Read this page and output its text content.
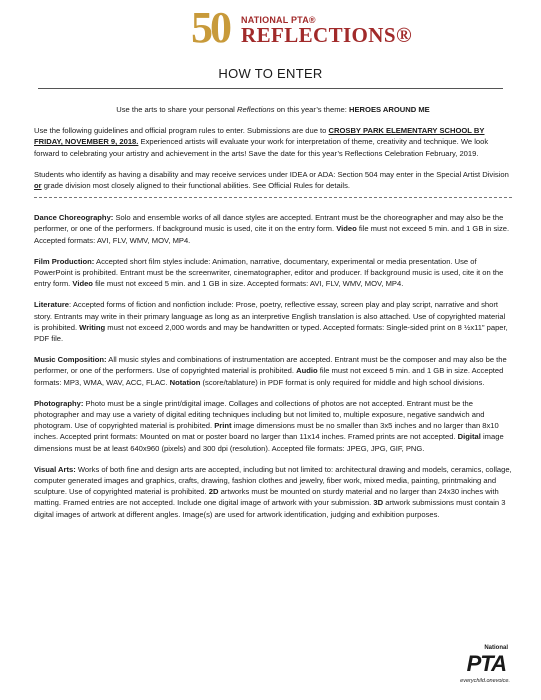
50 NATIONAL PTA®
REFLECTIONS®
HOW TO ENTER

Use the arts to share your personal Reflections on this year’s theme: HEROES AROUND ME

Use the following guidelines and official program rules to enter. Submissions are due to CROSBY PARK ELEMENTARY SCHOOL BY FRIDAY, NOVEMBER 9, 2018. Experienced artists will evaluate your work for interpretation of theme, creativity and technique. We look forward to celebrating your artistry and achievement in the arts! Save the date for this year’s Reflections Celebration February, 2019.

Students who identify as having a disability and may receive services under IDEA or ADA: Section 504 may enter in the Special Artist Division or grade division most closely aligned to their functional abilities. See Official Rules for details.

Dance Choreography: Solo and ensemble works of all dance styles are accepted. Entrant must be the choreographer and may also be the performer, or one of the performers. If background music is used, cite it on the entry form. Video file must not exceed 5 min. and 1 GB in size. Accepted formats: AVI, FLV, WMV, MOV, MP4.

Film Production: Accepted short film styles include: Animation, narrative, documentary, experimental or media presentation. Use of PowerPoint is prohibited. Entrant must be the screenwriter, cinematographer, editor and producer. If background music is used, cite it on the entry form. Video file must not exceed 5 min. and 1 GB in size. Accepted formats: AVI, FLV, WMV, MOV, MP4.

Literature: Accepted forms of fiction and nonfiction include: Prose, poetry, reflective essay, screen play and play script, narrative and short story. Entrants may write in their primary language as long as an interpretive English translation is also attached. Use of copyrighted material is prohibited. Writing must not exceed 2,000 words and may be handwritten or typed. Accepted formats: Single-sided print on 8 ½x11” paper, PDF file.

Music Composition: All music styles and combinations of instrumentation are accepted. Entrant must be the composer and may also be the performer, or one of the performers. Use of copyrighted material is prohibited. Audio file must not exceed 5 min. and 1 GB in size. Accepted formats: MP3, WMA, WAV, ACC, FLAC. Notation (score/tablature) in PDF format is only required for middle and high school divisions.

Photography: Photo must be a single print/digital image. Collages and collections of photos are not accepted. Entrant must be the photographer and may use a variety of digital editing techniques including but not limited to, multiple exposure, negative sandwich and photogram. Use of copyrighted material is prohibited. Print image dimensions must be no smaller than 3x5 inches and no larger than 8x10 inches. Accepted print formats: Mounted on mat or poster board no larger than 11x14 inches. Framed prints are not accepted. Digital image dimensions must be at least 640x960 (pixels) and 300 dpi (resolution). Accepted file formats: JPEG, JPG, GIF, PNG.

Visual Arts: Works of both fine and design arts are accepted, including but not limited to: architectural drawing and models, ceramics, collage, computer generated images and graphics, crafts, drawing, fashion clothes and jewelry, fiber work, mixed media, painting, printmaking and sculpture. Use of copyrighted material is prohibited. 2D artworks must be mounted on sturdy material and no larger than 24x30 inches with matting. Framed entries are not accepted. Include one digital image of artwork with your submission. 3D artwork submissions must contain 3 digital images of artwork at different angles. Image(s) are used for artwork identification, judging and exhibition purposes.

National
PTA
everychild.onevoice.
